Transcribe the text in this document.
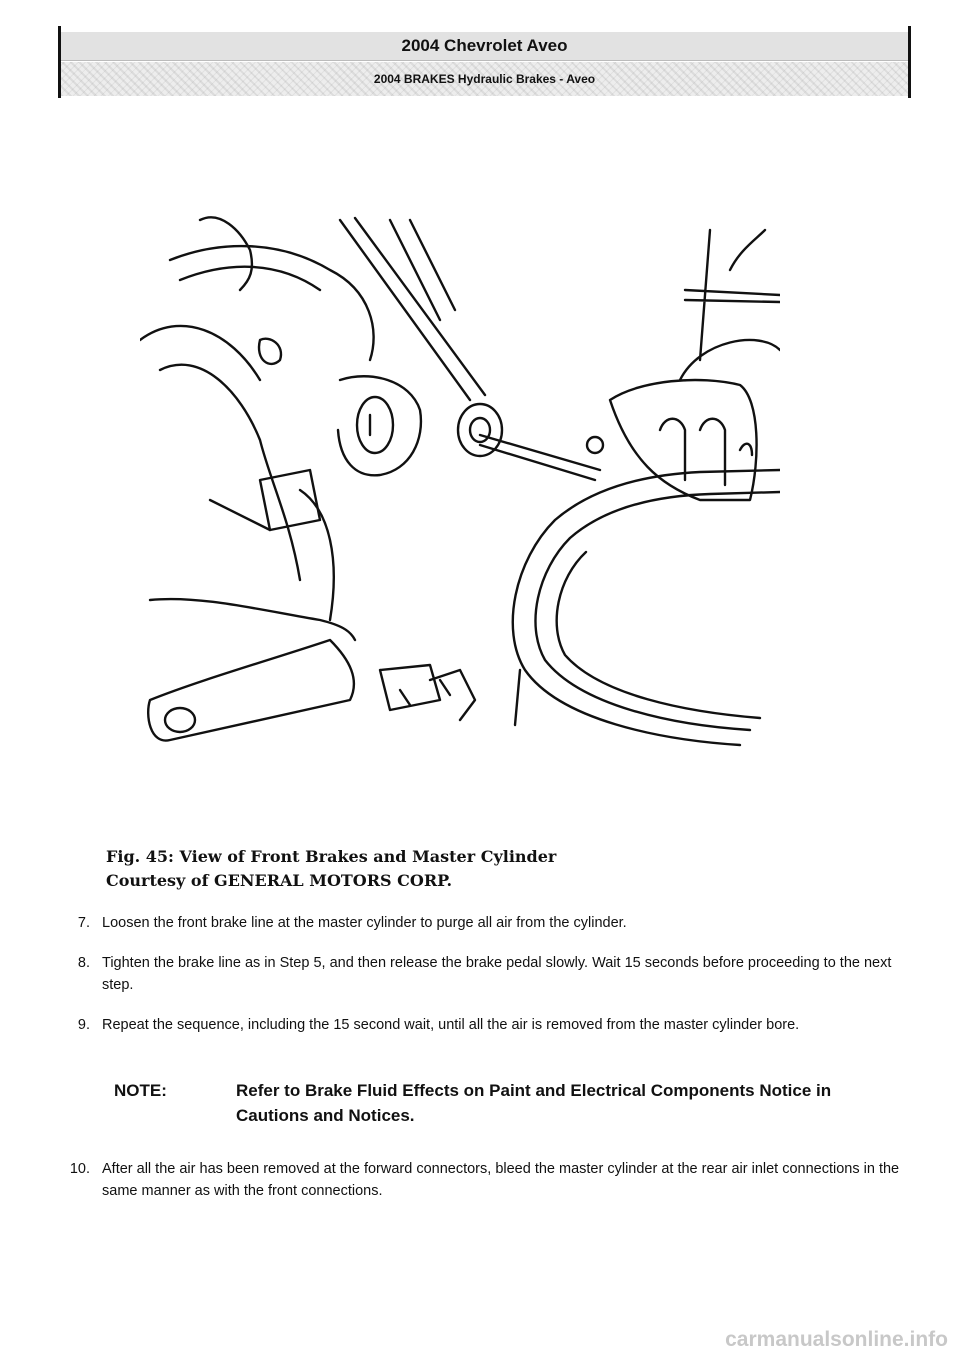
2004 Chevrolet Aveo
2004 BRAKES Hydraulic Brakes - Aveo
Fig. 45: View of Front Brakes and Master Cylinder
Courtesy of GENERAL MOTORS CORP.
7. Loosen the front brake line at the master cylinder to purge all air from the cylinder.
8. Tighten the brake line as in Step 5, and then release the brake pedal slowly. Wait 15 seconds before proceeding to the next step.
9. Repeat the sequence, including the 15 second wait, until all the air is removed from the master cylinder bore.
NOTE:	Refer to Brake Fluid Effects on Paint and Electrical Components Notice in Cautions and Notices.
10. After all the air has been removed at the forward connectors, bleed the master cylinder at the rear air inlet connections in the same manner as with the front connections.
carmanualsonline.info
